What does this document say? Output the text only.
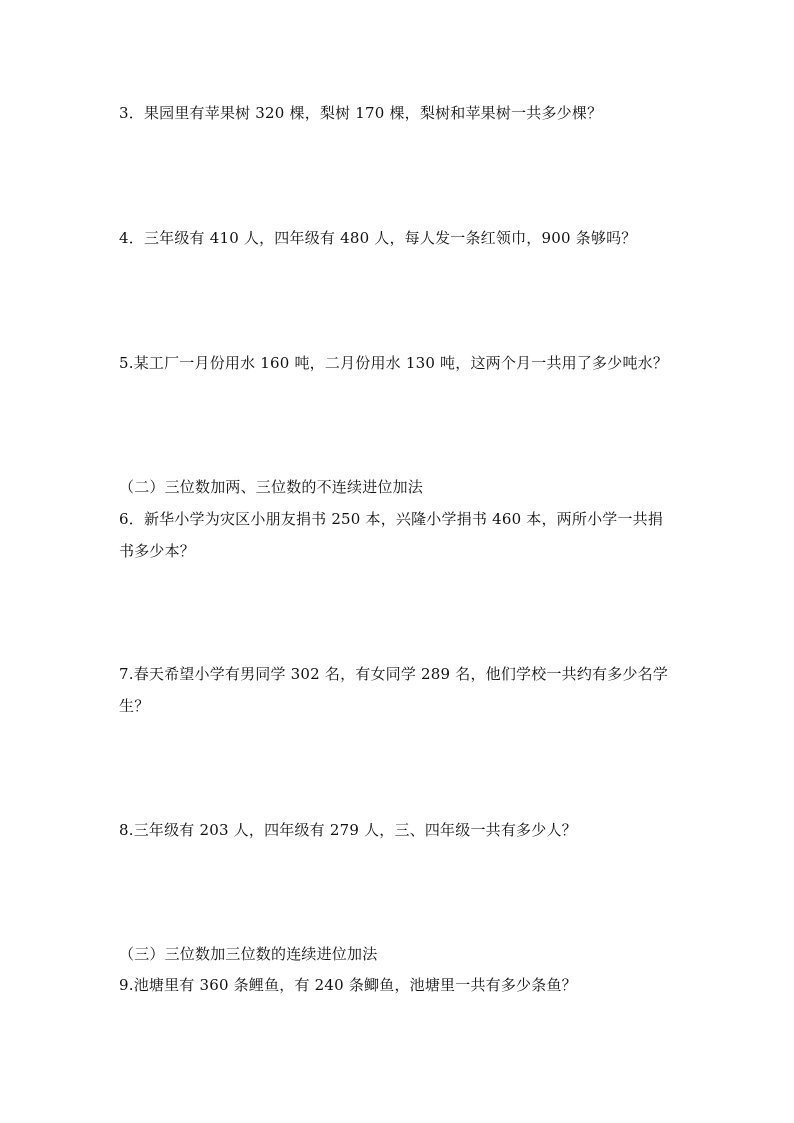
3．果园里有苹果树 320 棵，梨树 170 棵，梨树和苹果树一共多少棵？
4．三年级有 410 人，四年级有 480 人，每人发一条红领巾，900 条够吗？
5.某工厂一月份用水 160 吨，二月份用水 130 吨，这两个月一共用了多少吨水？
（二）三位数加两、三位数的不连续进位加法
6．新华小学为灾区小朋友捐书 250 本，兴隆小学捐书 460 本，两所小学一共捐
书多少本？
7.春天希望小学有男同学 302 名，有女同学 289 名，他们学校一共约有多少名学
生？
8.三年级有 203 人，四年级有 279 人，三、四年级一共有多少人？
（三）三位数加三位数的连续进位加法
9.池塘里有 360 条鲤鱼，有 240 条鲫鱼，池塘里一共有多少条鱼？
